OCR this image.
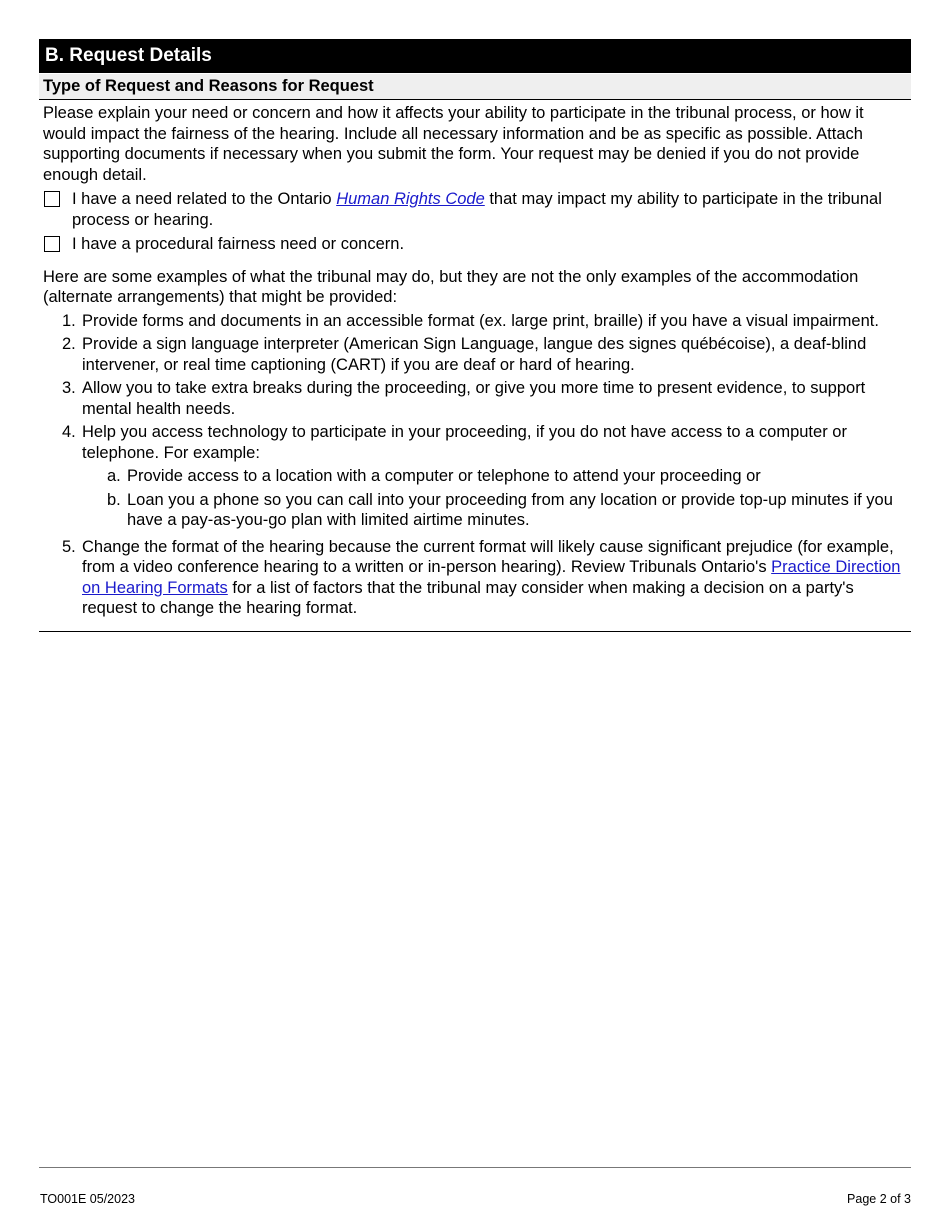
B. Request Details
Type of Request and Reasons for Request

Please explain your need or concern and how it affects your ability to participate in the tribunal process, or how it would impact the fairness of the hearing. Include all necessary information and be as specific as possible. Attach supporting documents if necessary when you submit the form. Your request may be denied if you do not provide enough detail.

I have a need related to the Ontario Human Rights Code that may impact my ability to participate in the tribunal process or hearing.
I have a procedural fairness need or concern.

Here are some examples of what the tribunal may do, but they are not the only examples of the accommodation (alternate arrangements) that might be provided:

1. Provide forms and documents in an accessible format (ex. large print, braille) if you have a visual impairment.
2. Provide a sign language interpreter (American Sign Language, langue des signes québécoise), a deaf-blind intervener, or real time captioning (CART) if you are deaf or hard of hearing.
3. Allow you to take extra breaks during the proceeding, or give you more time to present evidence, to support mental health needs.
4. Help you access technology to participate in your proceeding, if you do not have access to a computer or telephone. For example:
a. Provide access to a location with a computer or telephone to attend your proceeding or
b. Loan you a phone so you can call into your proceeding from any location or provide top-up minutes if you have a pay-as-you-go plan with limited airtime minutes.
5. Change the format of the hearing because the current format will likely cause significant prejudice (for example, from a video conference hearing to a written or in-person hearing). Review Tribunals Ontario's Practice Direction on Hearing Formats for a list of factors that the tribunal may consider when making a decision on a party's request to change the hearing format.
TO001E 05/2023	Page 2 of 3
